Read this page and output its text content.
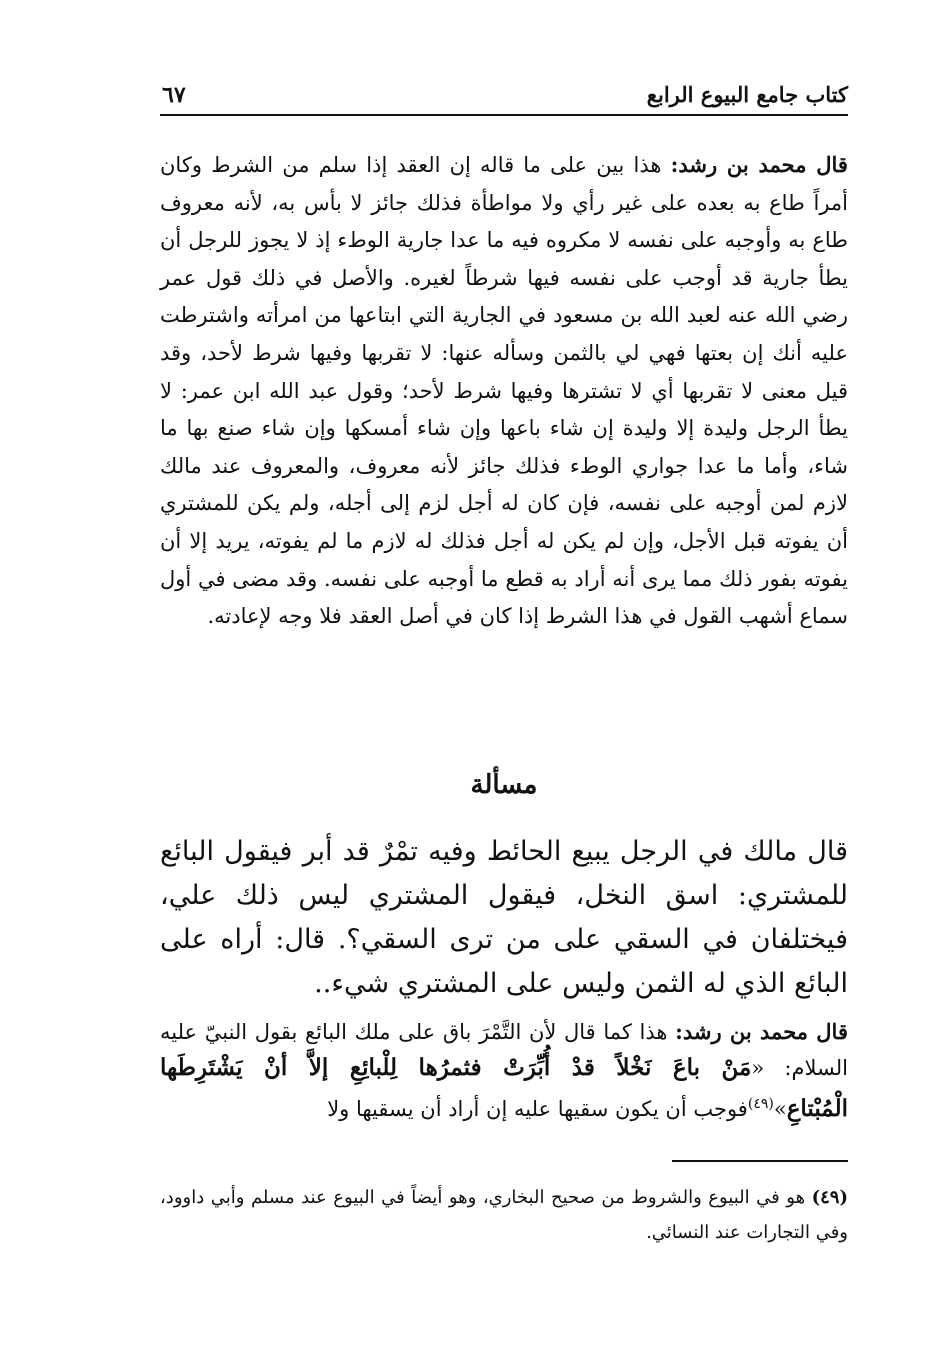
كتاب جامع البيوع الرابع
٦٧
قال محمد بن رشد: هذا بين على ما قاله إن العقد إذا سلم من الشرط وكان أمراً طاع به بعده على غير رأي ولا مواطأة فذلك جائز لا بأس به، لأنه معروف طاع به وأوجبه على نفسه لا مكروه فيه ما عدا جارية الوطء إذ لا يجوز للرجل أن يطأ جارية قد أوجب على نفسه فيها شرطاً لغيره. والأصل في ذلك قول عمر رضي الله عنه لعبد الله بن مسعود في الجارية التي ابتاعها من امرأته واشترطت عليه أنك إن بعتها فهي لي بالثمن وسأله عنها: لا تقربها وفيها شرط لأحد، وقد قيل معنى لا تقربها أي لا تشترها وفيها شرط لأحد؛ وقول عبد الله ابن عمر: لا يطأ الرجل وليدة إلا وليدة إن شاء باعها وإن شاء أمسكها وإن شاء صنع بها ما شاء، وأما ما عدا جواري الوطء فذلك جائز لأنه معروف، والمعروف عند مالك لازم لمن أوجبه على نفسه، فإن كان له أجل لزم إلى أجله، ولم يكن للمشتري أن يفوته قبل الأجل، وإن لم يكن له أجل فذلك له لازم ما لم يفوته، يريد إلا أن يفوته بفور ذلك مما يرى أنه أراد به قطع ما أوجبه على نفسه. وقد مضى في أول سماع أشهب القول في هذا الشرط إذا كان في أصل العقد فلا وجه لإعادته.
مسألة
قال مالك في الرجل يبيع الحائط وفيه تمْرٌ قد أبر فيقول البائع للمشتري: اسق النخل، فيقول المشتري ليس ذلك علي، فيختلفان في السقي على من ترى السقي؟. قال: أراه على البائع الذي له الثمن وليس على المشتري شيء..
قال محمد بن رشد: هذا كما قال لأن التَّمْرَ باق على ملك البائع بقول النبيّ عليه السلام: «مَنْ باعَ نَخْلاً قدْ أُبِّرَتْ فثمرُها لِلْبائِعِ إلاَّ أنْ يَشْتَرِطَها الْمُبْتاعِ»$^{(٤٩)}$فوجب أن يكون سقيها عليه إن أراد أن يسقيها ولا
(٤٩) هو في البيوع والشروط من صحيح البخاري، وهو أيضاً في البيوع عند مسلم وأبي داوود، وفي التجارات عند النسائي.
